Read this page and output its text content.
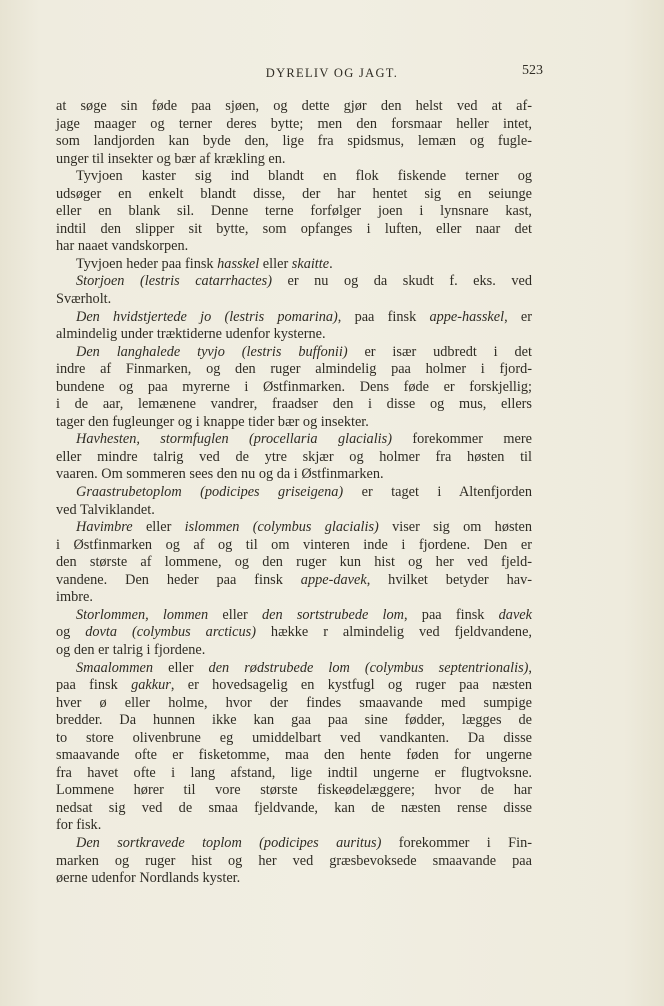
DYRELIV OG JAGT.	523
at søge sin føde paa sjøen, og dette gjør den helst ved at af-
jage maager og terner deres bytte; men den forsmaar heller intet,
som landjorden kan byde den, lige fra spidsmus, lemæn og fugle-
unger til insekter og bær af krækling en.
Tyvjoen kaster sig ind blandt en flok fiskende terner og
udsøger en enkelt blandt disse, der har hentet sig en seiunge
eller en blank sil. Denne terne forfølger joen i lynsnare kast,
indtil den slipper sit bytte, som opfanges i luften, eller naar det
har naaet vandskorpen.
Tyvjoen heder paa finsk hasskel eller skaitte.
Storjoen (lestris catarrhactes) er nu og da skudt f. eks. ved
Sværholt.
Den hvidstjertede jo (lestris pomarina), paa finsk appe-hasskel, er
almindelig under træktiderne udenfor kysterne.
Den langhalede tyvjo (lestris buffonii) er især udbredt i det
indre af Finmarken, og den ruger almindelig paa holmer i fjord-
bundene og paa myrerne i Østfinmarken. Dens føde er forskjellig;
i de aar, lemænene vandrer, fraadser den i disse og mus, ellers
tager den fugleunger og i knappe tider bær og insekter.
Havhesten, stormfuglen (procellaria glacialis) forekommer mere
eller mindre talrig ved de ytre skjær og holmer fra høsten til
vaaren. Om sommeren sees den nu og da i Østfinmarken.
Graastrubetoplom (podicipes griseigena) er taget i Altenfjorden
ved Talviklandet.
Havimbre eller islommen (colymbus glacialis) viser sig om høsten
i Østfinmarken og af og til om vinteren inde i fjordene. Den er
den største af lommene, og den ruger kun hist og her ved fjeld-
vandene. Den heder paa finsk appe-davek, hvilket betyder hav-
imbre.
Storlommen, lommen eller den sortstrubede lom, paa finsk davek
og dovta (colymbus arcticus) hække r almindelig ved fjeldvandene,
og den er talrig i fjordene.
Smaalommen eller den rødstrubede lom (colymbus septentrionalis),
paa finsk gakkur, er hovedsagelig en kystfugl og ruger paa næsten
hver ø eller holme, hvor der findes smaavande med sumpige
bredder. Da hunnen ikke kan gaa paa sine fødder, lægges de
to store olivenbrune eg umiddelbart ved vandkanten. Da disse
smaavande ofte er fisketomme, maa den hente føden for ungerne
fra havet ofte i lang afstand, lige indtil ungerne er flugtvoksne.
Lommene hører til vore største fiskeødelæggere; hvor de har
nedsat sig ved de smaa fjeldvande, kan de næsten rense disse
for fisk.
Den sortkravede toplom (podicipes auritus) forekommer i Fin-
marken og ruger hist og her ved græsbevoksede smaavande paa
øerne udenfor Nordlands kyster.
